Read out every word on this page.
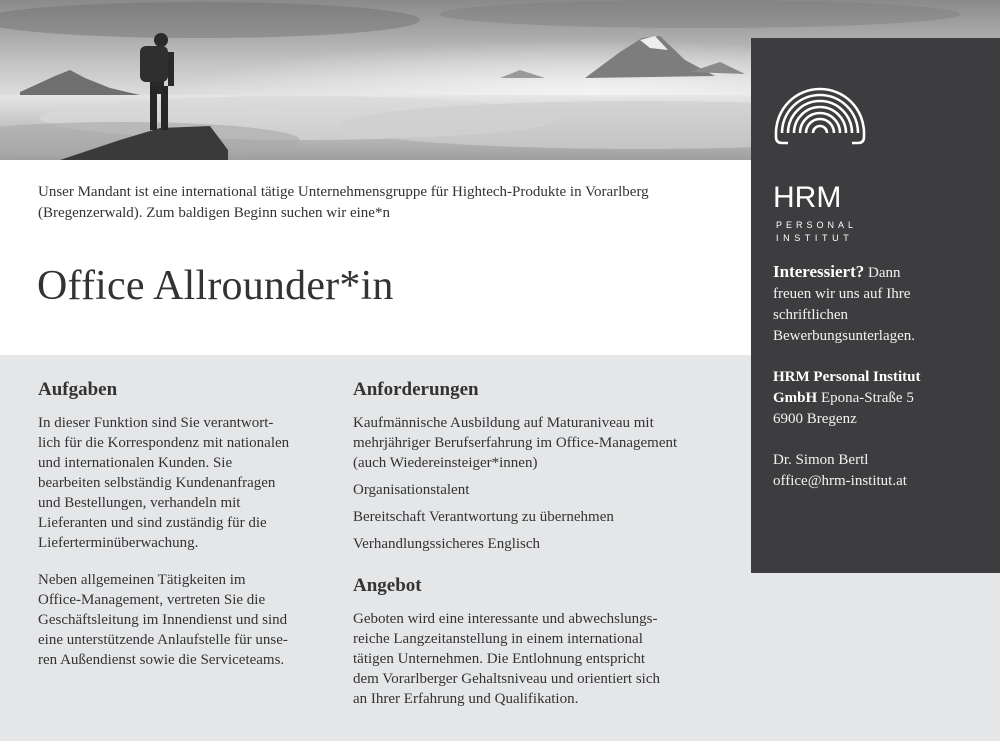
Unser Mandant ist eine international tätige Unternehmensgruppe für Hightech-Produkte in Vorarlberg (Bregenzerwald). Zum baldigen Beginn suchen wir eine*n

Office Allrounder*in
Aufgaben

In dieser Funktion sind Sie verantwort-
lich für die Korrespondenz mit nationalen
und internationalen Kunden. Sie
bearbeiten selbständig Kundenanfragen
und Bestellungen, verhandeln mit
Lieferanten und sind zuständig für die
Lieferterminüberwachung.

Neben allgemeinen Tätigkeiten im
Office-Management, vertreten Sie die
Geschäftsleitung im Innendienst und sind
eine unterstützende Anlaufstelle für unse-
ren Außendienst sowie die Serviceteams.

Anforderungen

Kaufmännische Ausbildung auf Maturaniveau mit
mehrjähriger Berufserfahrung im Office-Management
(auch Wiedereinsteiger*innen)

Organisationstalent

Bereitschaft Verantwortung zu übernehmen

Verhandlungssicheres Englisch

Angebot

Geboten wird eine interessante und abwechslungs-
reiche Langzeitanstellung in einem international
tätigen Unternehmen. Die Entlohnung entspricht
dem Vorarlberger Gehaltsniveau und orientiert sich
an Ihrer Erfahrung und Qualifikation.

HRM
PERSONAL
INSTITUT

Interessiert? Dann
freuen wir uns auf Ihre
schriftlichen
Bewerbungsunterlagen.

HRM Personal Institut
GmbH Epona-Straße 5
6900 Bregenz

Dr. Simon Bertl
office@hrm-institut.at
